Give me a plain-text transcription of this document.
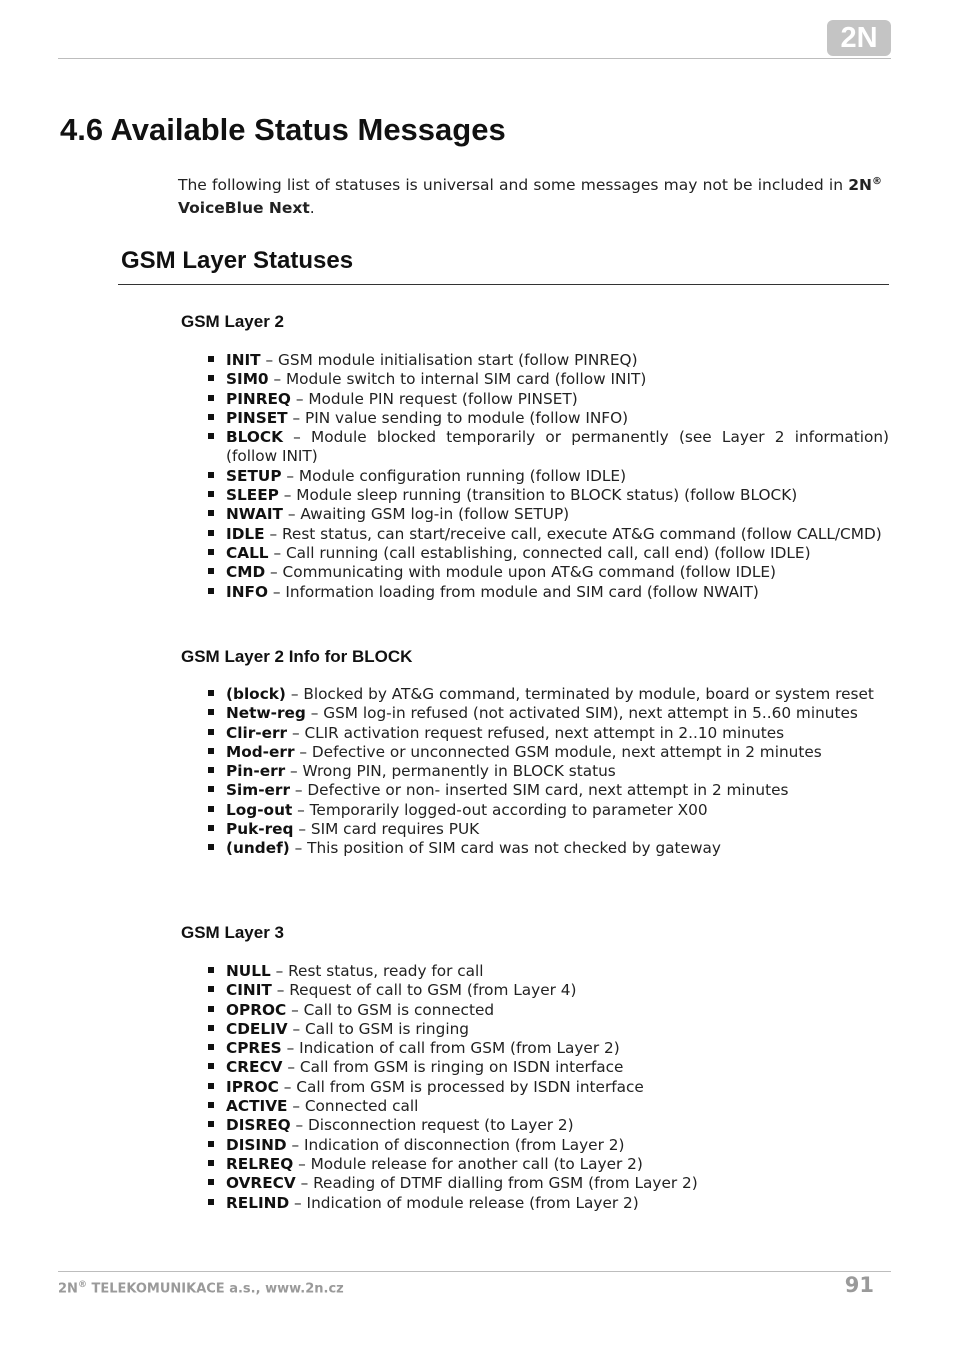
2N
4.6 Available Status Messages

The following list of statuses is universal and some messages may not be included in 2N® VoiceBlue Next.

GSM Layer Statuses
GSM Layer 2
INIT – GSM module initialisation start (follow PINREQ)
SIM0 – Module switch to internal SIM card (follow INIT)
PINREQ – Module PIN request (follow PINSET)
PINSET – PIN value sending to module (follow INFO)
BLOCK – Module blocked temporarily or permanently (see Layer 2 information) (follow INIT)
SETUP – Module configuration running (follow IDLE)
SLEEP – Module sleep running (transition to BLOCK status) (follow BLOCK)
NWAIT – Awaiting GSM log-in (follow SETUP)
IDLE – Rest status, can start/receive call, execute AT&G command (follow CALL/CMD)
CALL – Call running (call establishing, connected call, call end) (follow IDLE)
CMD – Communicating with module upon AT&G command (follow IDLE)
INFO – Information loading from module and SIM card (follow NWAIT)
GSM Layer 2 Info for BLOCK
(block) – Blocked by AT&G command, terminated by module, board or system reset
Netw-reg – GSM log-in refused (not activated SIM), next attempt in 5..60 minutes
Clir-err – CLIR activation request refused, next attempt in 2..10 minutes
Mod-err – Defective or unconnected GSM module, next attempt in 2 minutes
Pin-err – Wrong PIN, permanently in BLOCK status
Sim-err – Defective or non- inserted SIM card, next attempt in 2 minutes
Log-out – Temporarily logged-out according to parameter X00
Puk-req – SIM card requires PUK
(undef) – This position of SIM card was not checked by gateway
GSM Layer 3
NULL – Rest status, ready for call
CINIT – Request of call to GSM (from Layer 4)
OPROC – Call to GSM is connected
CDELIV – Call to GSM is ringing
CPRES – Indication of call from GSM (from Layer 2)
CRECV – Call from GSM is ringing on ISDN interface
IPROC – Call from GSM is processed by ISDN interface
ACTIVE – Connected call
DISREQ – Disconnection request (to Layer 2)
DISIND – Indication of disconnection (from Layer 2)
RELREQ – Module release for another call (to Layer 2)
OVRECV – Reading of DTMF dialling from GSM (from Layer 2)
RELIND – Indication of module release (from Layer 2)

2N® TELEKOMUNIKACE a.s., www.2n.cz	91
